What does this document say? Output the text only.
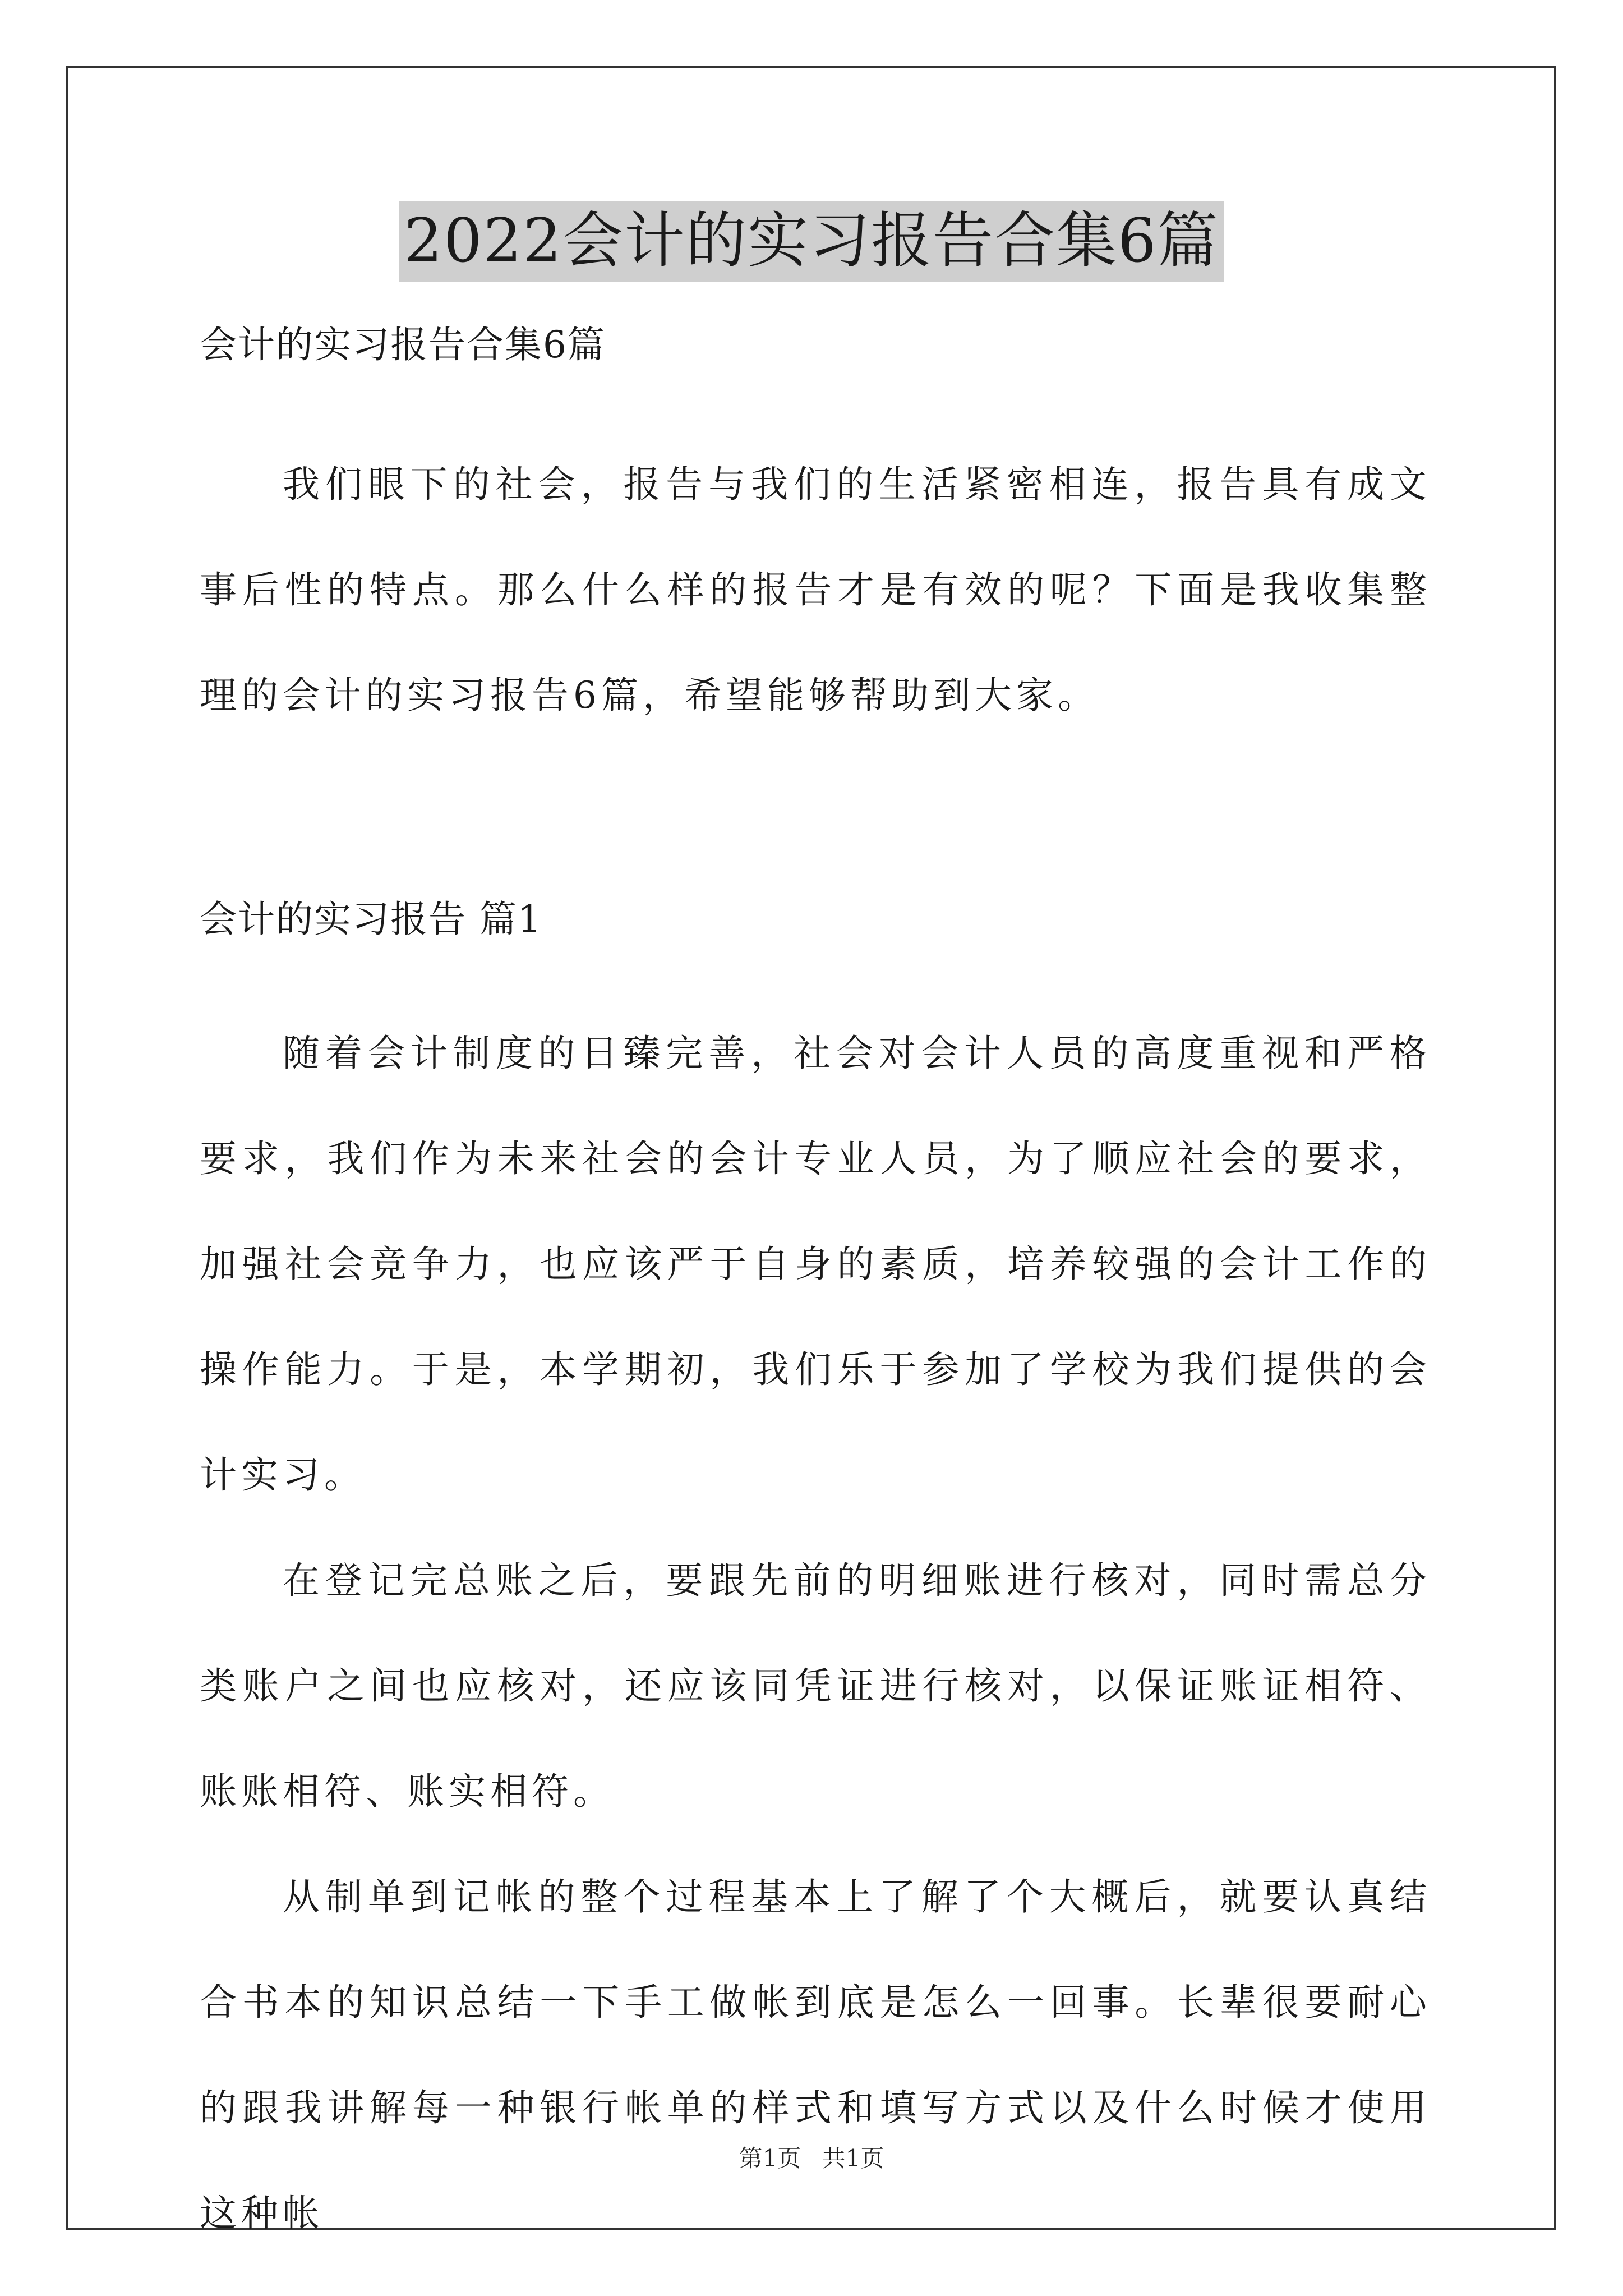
2022会计的实习报告合集6篇

会计的实习报告合集6篇

我们眼下的社会，报告与我们的生活紧密相连，报告具有成文事后性的特点。那么什么样的报告才是有效的呢？下面是我收集整理的会计的实习报告6篇，希望能够帮助到大家。

会计的实习报告 篇1

随着会计制度的日臻完善，社会对会计人员的高度重视和严格要求，我们作为未来社会的会计专业人员，为了顺应社会的要求，加强社会竞争力，也应该严于自身的素质，培养较强的会计工作的操作能力。于是，本学期初，我们乐于参加了学校为我们提供的会计实习。

在登记完总账之后，要跟先前的明细账进行核对，同时需总分类账户之间也应核对，还应该同凭证进行核对，以保证账证相符、账账相符、账实相符。

从制单到记帐的整个过程基本上了解了个大概后，就要认真结合书本的知识总结一下手工做帐到底是怎么一回事。长辈很要耐心的跟我讲解每一种银行帐单的样式和填写方式以及什么时候才使用这种帐

第1页 共1页
